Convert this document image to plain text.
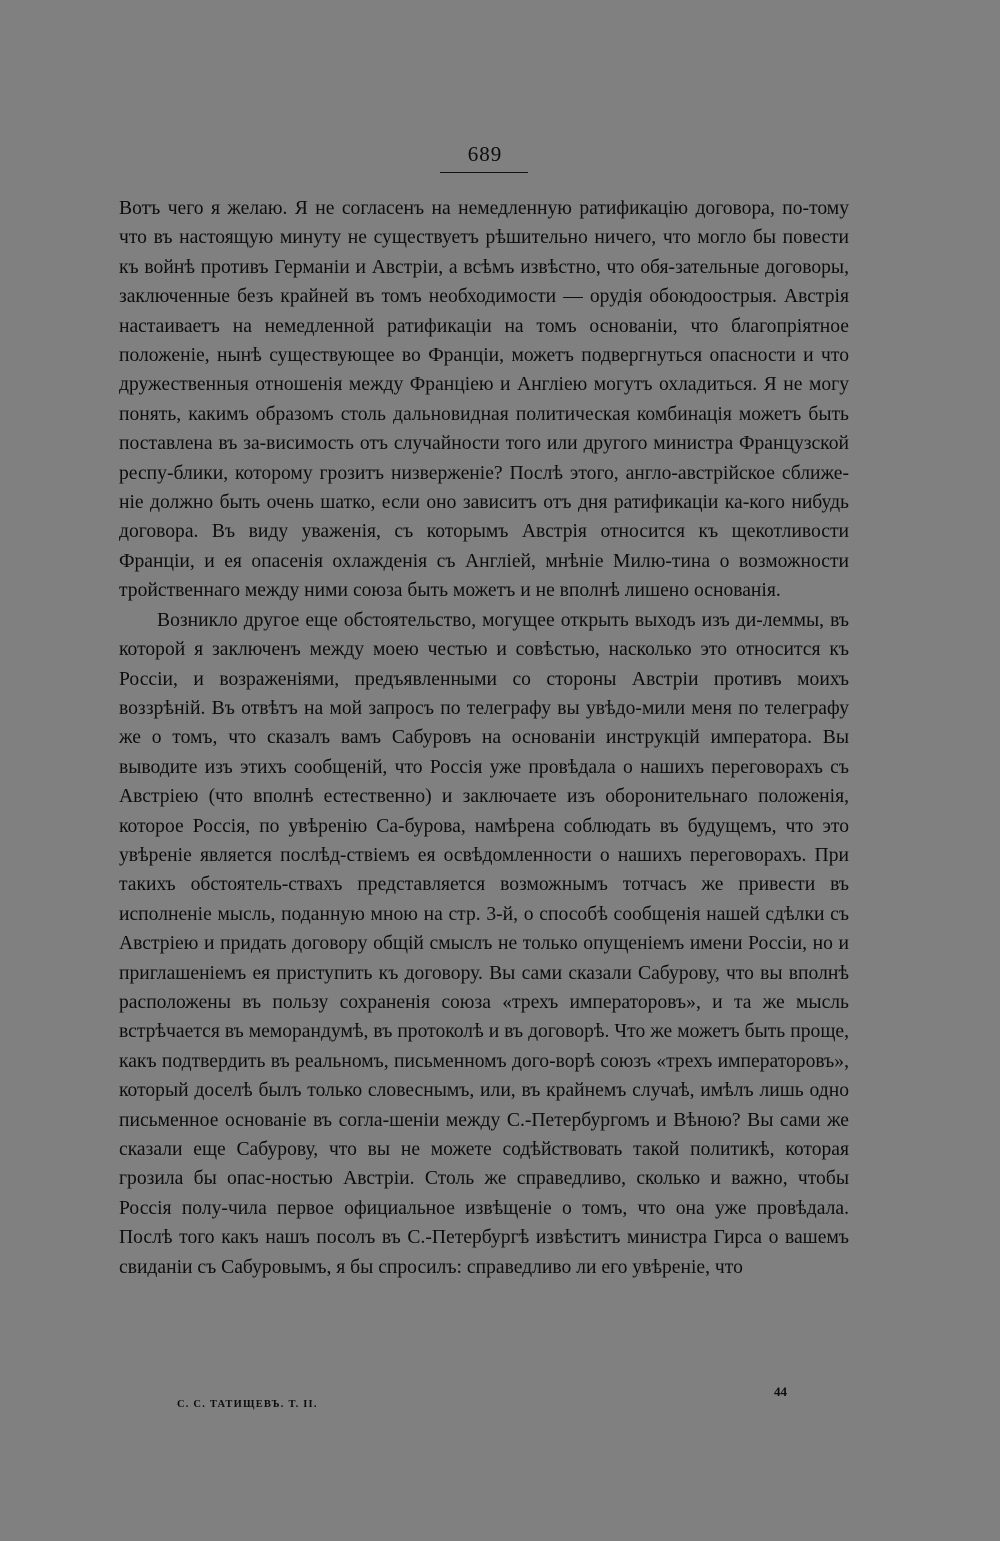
689

Вотъ чего я желаю. Я не согласенъ на немедленную ратификацію договора, по-тому что въ настоящую минуту не существуетъ рѣшительно ничего, что могло бы повести къ войнѣ противъ Германіи и Австріи, а всѣмъ извѣстно, что обя-зательные договоры, заключенные безъ крайней въ томъ необходимости — орудія обоюдоострыя. Австрія настаиваетъ на немедленной ратификаціи на томъ основаніи, что благопріятное положеніе, нынѣ существующее во Франціи, можетъ подвергнуться опасности и что дружественныя отношенія между Франціею и Англіею могутъ охладиться. Я не могу понять, какимъ образомъ столь дальновидная политическая комбинація можетъ быть поставлена въ за-висимость отъ случайности того или другого министра Французской респу-блики, которому грозитъ низверженіе? Послѣ этого, англо-австрійское сближе-ніе должно быть очень шатко, если оно зависитъ отъ дня ратификаціи ка-кого нибудь договора. Въ виду уваженія, съ которымъ Австрія относится къ щекотливости Франціи, и ея опасенія охлажденія съ Англіей, мнѣніе Милю-тина о возможности тройственнаго между ними союза быть можетъ и не вполнѣ лишено основанія.

Возникло другое еще обстоятельство, могущее открыть выходъ изъ ди-леммы, въ которой я заключенъ между моею честью и совѣстью, насколько это относится къ Россіи, и возраженіями, предъявленными со стороны Австріи противъ моихъ воззрѣній. Въ отвѣтъ на мой запросъ по телеграфу вы увѣдо-мили меня по телеграфу же о томъ, что сказалъ вамъ Сабуровъ на основаніи инструкцій императора. Вы выводите изъ этихъ сообщеній, что Россія уже провѣдала о нашихъ переговорахъ съ Австріею (что вполнѣ естественно) и заключаете изъ оборонительнаго положенія, которое Россія, по увѣренію Са-бурова, намѣрена соблюдать въ будущемъ, что это увѣреніе является послѣд-ствіемъ ея освѣдомленности о нашихъ переговорахъ. При такихъ обстоятель-ствахъ представляется возможнымъ тотчасъ же привести въ исполненіе мысль, поданную мною на стр. 3-й, о способѣ сообщенія нашей сдѣлки съ Австріею и придать договору общій смыслъ не только опущеніемъ имени Россіи, но и приглашеніемъ ея приступить къ договору. Вы сами сказали Сабурову, что вы вполнѣ расположены въ пользу сохраненія союза «трехъ императоровъ», и та же мысль встрѣчается въ меморандумѣ, въ протоколѣ и въ договорѣ. Что же можетъ быть проще, какъ подтвердить въ реальномъ, письменномъ дого-ворѣ союзъ «трехъ императоровъ», который доселѣ былъ только словеснымъ, или, въ крайнемъ случаѣ, имѣлъ лишь одно письменное основаніе въ согла-шеніи между С.-Петербургомъ и Вѣною? Вы сами же сказали еще Сабурову, что вы не можете содѣйствовать такой политикѣ, которая грозила бы опас-ностью Австріи. Столь же справедливо, сколько и важно, чтобы Россія полу-чила первое официальное извѣщеніе о томъ, что она уже провѣдала. Послѣ того какъ нашъ посолъ въ С.-Петербургѣ извѣститъ министра Гирса о вашемъ свиданіи съ Сабуровымъ, я бы спросилъ: справедливо ли его увѣреніе, что

С. С. ТАТИЩЕВЪ. Т. II.
44
